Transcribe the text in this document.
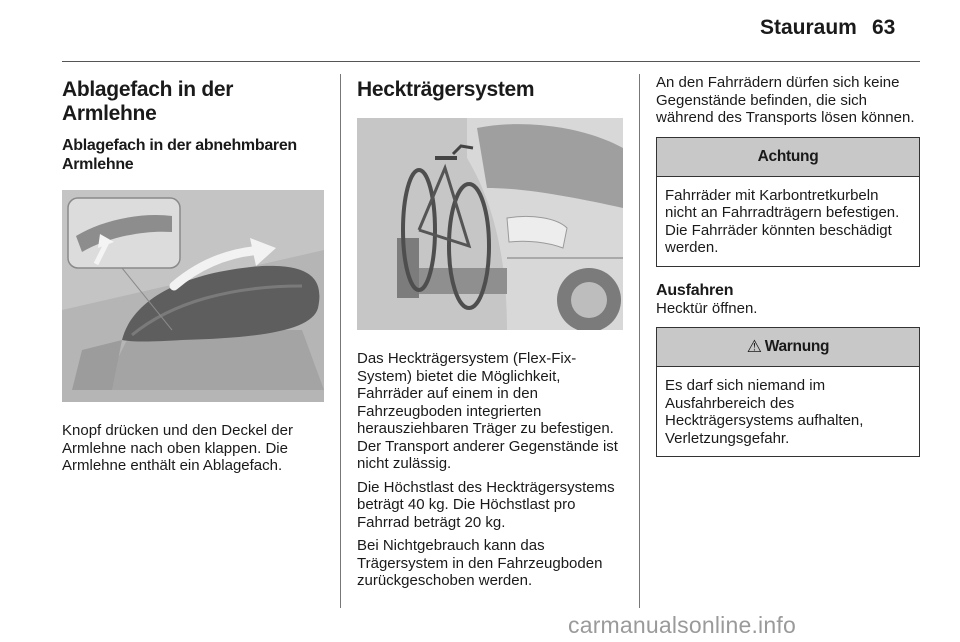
Stauraum 63
Ablagefach in der Armlehne
Ablagefach in der abnehmbaren Armlehne

Knopf drücken und den Deckel der Armlehne nach oben klappen. Die Armlehne enthält ein Ablagefach.

Heckträgersystem

Das Heckträgersystem (Flex-Fix-System) bietet die Möglichkeit, Fahrräder auf einem in den Fahrzeugboden integrierten herausziehbaren Träger zu befestigen. Der Transport anderer Gegenstände ist nicht zulässig.

Die Höchstlast des Heckträgersystems beträgt 40 kg. Die Höchstlast pro Fahrrad beträgt 20 kg.

Bei Nichtgebrauch kann das Trägersystem in den Fahrzeugboden zurückgeschoben werden.

An den Fahrrädern dürfen sich keine Gegenstände befinden, die sich während des Transports lösen können.

Achtung
Fahrräder mit Karbontretkurbeln nicht an Fahrradträgern befestigen. Die Fahrräder könnten beschädigt werden.
Ausfahren

Hecktür öffnen.

⚠ Warnung
Es darf sich niemand im Ausfahrbereich des Heckträgersystems aufhalten, Verletzungsgefahr.
carmanualsonline.info
